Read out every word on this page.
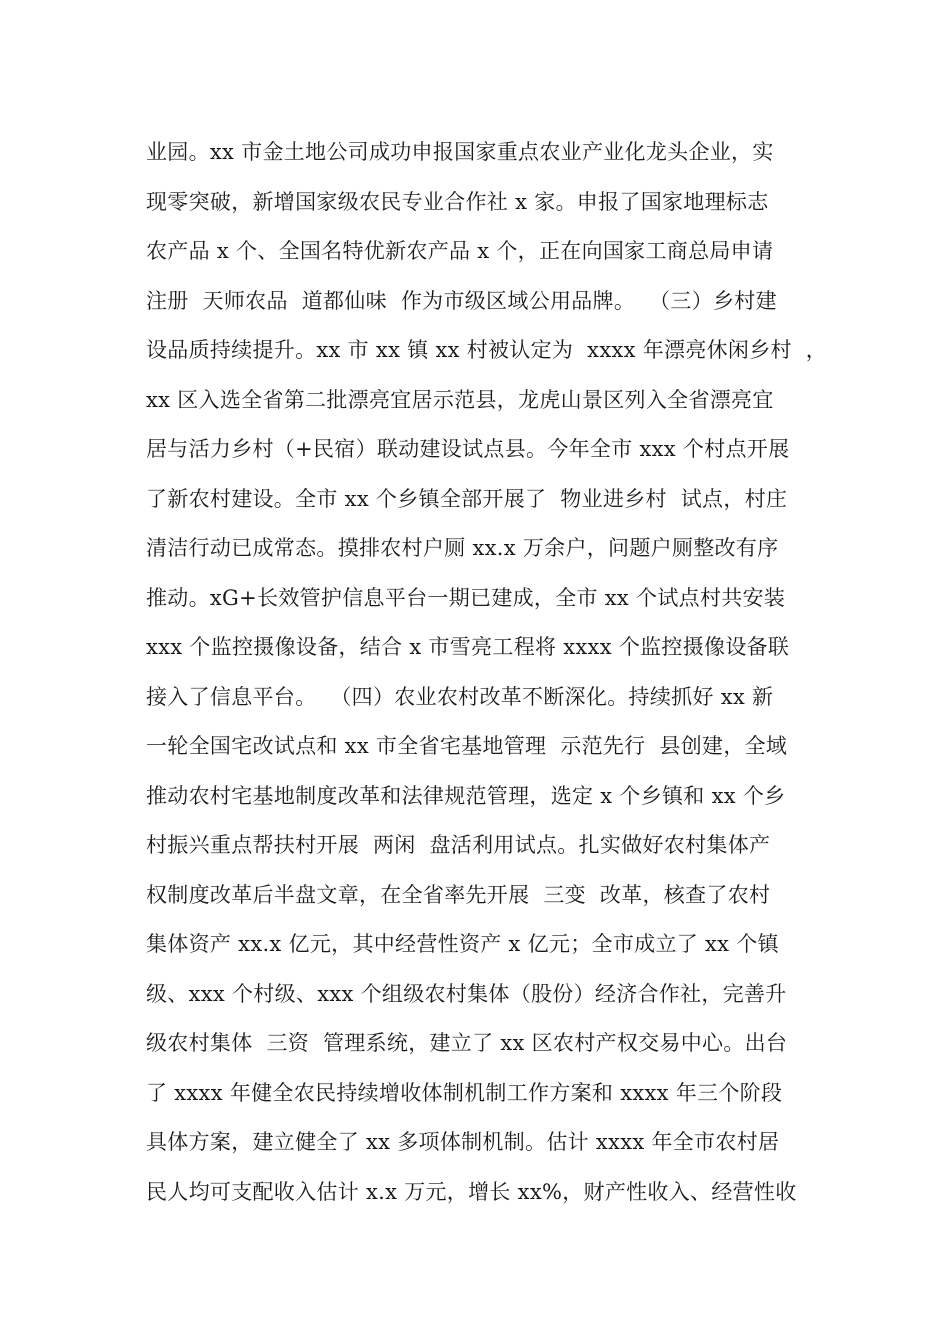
业园。xx 市金土地公司成功申报国家重点农业产业化龙头企业，实
现零突破，新增国家级农民专业合作社 x 家。申报了国家地理标志
农产品 x 个、全国名特优新农产品 x 个，正在向国家工商总局申请
注册  天师农品  道都仙味  作为市级区域公用品牌。  （三）乡村建
设品质持续提升。xx 市 xx 镇 xx 村被认定为  xxxx 年漂亮休闲乡村  ，
xx 区入选全省第二批漂亮宜居示范县，龙虎山景区列入全省漂亮宜
居与活力乡村（+民宿）联动建设试点县。今年全市 xxx 个村点开展
了新农村建设。全市 xx 个乡镇全部开展了  物业进乡村  试点，村庄
清洁行动已成常态。摸排农村户厕 xx.x 万余户，问题户厕整改有序
推动。xG+长效管护信息平台一期已建成，全市 xx 个试点村共安装
xxx 个监控摄像设备，结合 x 市雪亮工程将 xxxx 个监控摄像设备联
接入了信息平台。  （四）农业农村改革不断深化。持续抓好 xx 新
一轮全国宅改试点和 xx 市全省宅基地管理  示范先行  县创建，全域
推动农村宅基地制度改革和法律规范管理，选定 x 个乡镇和 xx 个乡
村振兴重点帮扶村开展  两闲  盘活利用试点。扎实做好农村集体产
权制度改革后半盘文章，在全省率先开展  三变  改革，核查了农村
集体资产 xx.x 亿元，其中经营性资产 x 亿元；全市成立了 xx 个镇
级、xxx 个村级、xxx 个组级农村集体（股份）经济合作社，完善升
级农村集体  三资  管理系统，建立了 xx 区农村产权交易中心。出台
了 xxxx 年健全农民持续增收体制机制工作方案和 xxxx 年三个阶段
具体方案，建立健全了 xx 多项体制机制。估计 xxxx 年全市农村居
民人均可支配收入估计 x.x 万元，增长 xx%，财产性收入、经营性收
